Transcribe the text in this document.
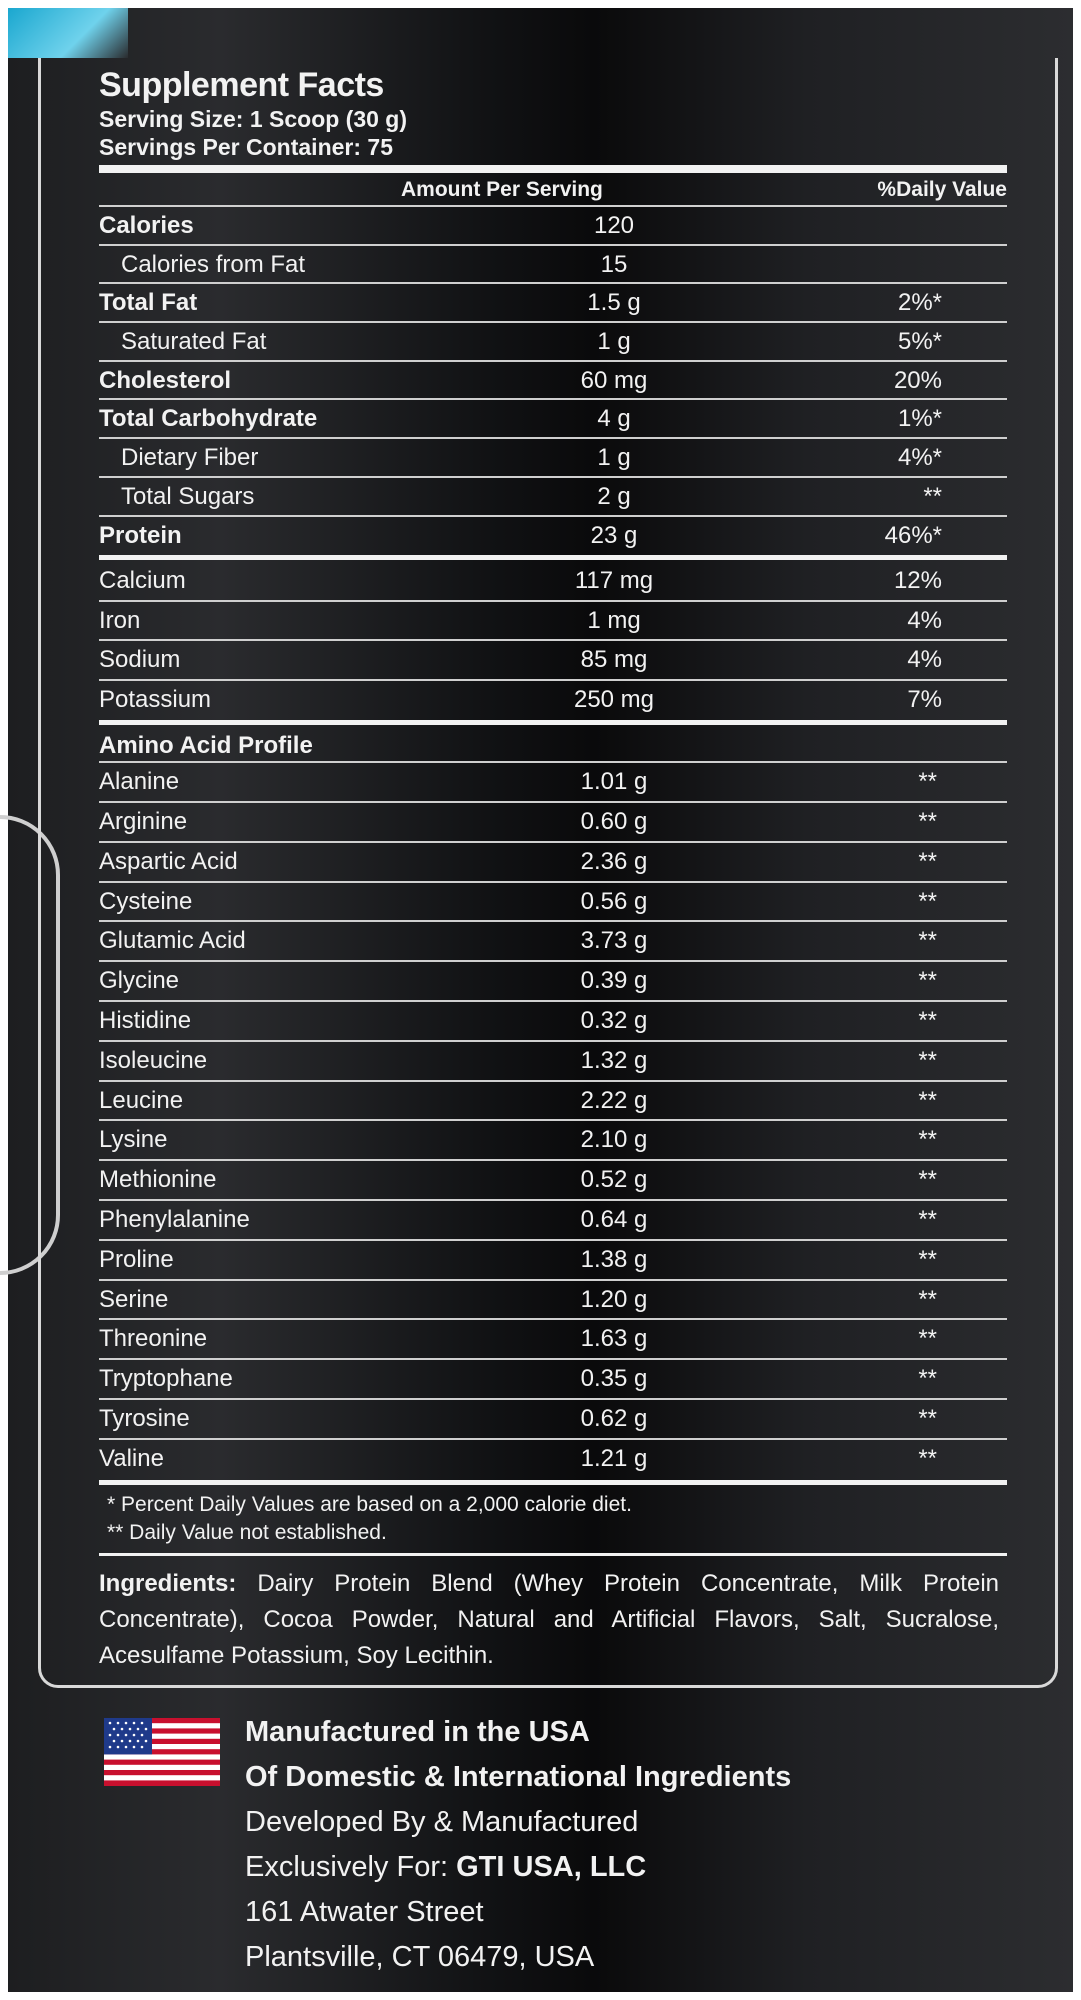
Supplement Facts
Serving Size: 1 Scoop (30 g)
Servings Per Container: 75
Amount Per Serving	%Daily Value
Calories	120
Calories from Fat	15
Total Fat	1.5 g	2%*
Saturated Fat	1 g	5%*
Cholesterol	60 mg	20%
Total Carbohydrate	4 g	1%*
Dietary Fiber	1 g	4%*
Total Sugars	2 g	**
Protein	23 g	46%*
Calcium	117 mg	12%
Iron	1 mg	4%
Sodium	85 mg	4%
Potassium	250 mg	7%
Amino Acid Profile
Alanine	1.01 g	**
Arginine	0.60 g	**
Aspartic Acid	2.36 g	**
Cysteine	0.56 g	**
Glutamic Acid	3.73 g	**
Glycine	0.39 g	**
Histidine	0.32 g	**
Isoleucine	1.32 g	**
Leucine	2.22 g	**
Lysine	2.10 g	**
Methionine	0.52 g	**
Phenylalanine	0.64 g	**
Proline	1.38 g	**
Serine	1.20 g	**
Threonine	1.63 g	**
Tryptophane	0.35 g	**
Tyrosine	0.62 g	**
Valine	1.21 g	**
* Percent Daily Values are based on a 2,000 calorie diet.
** Daily Value not established.
Ingredients: Dairy Protein Blend (Whey Protein Concentrate, Milk Protein Concentrate), Cocoa Powder, Natural and Artificial Flavors, Salt, Sucralose, Acesulfame Potassium, Soy Lecithin.
Manufactured in the USA
Of Domestic & International Ingredients
Developed By & Manufactured
Exclusively For: GTI USA, LLC
161 Atwater Street
Plantsville, CT 06479, USA
